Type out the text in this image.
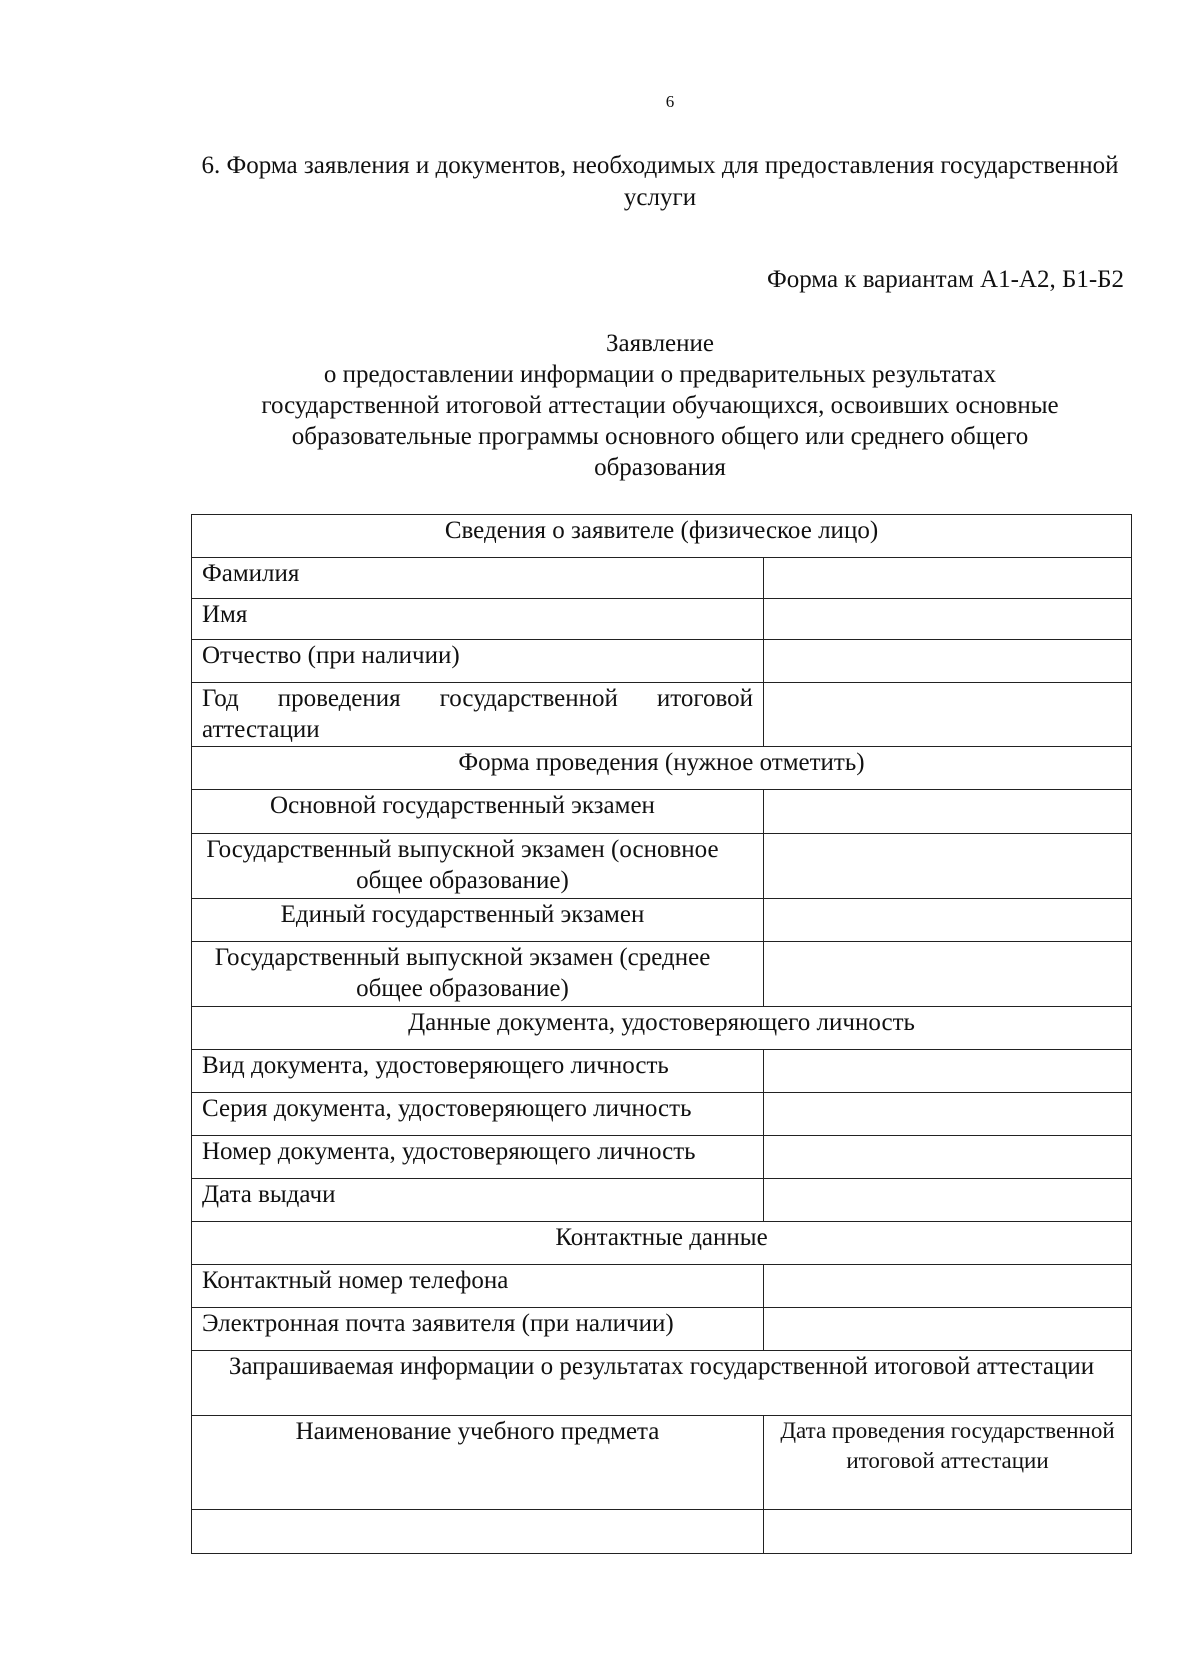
6
6. Форма заявления и документов, необходимых для предоставления государственной услуги
Форма к вариантам А1-А2, Б1-Б2
Заявление
о предоставлении информации о предварительных результатах
государственной итоговой аттестации обучающихся, освоивших основные
образовательные программы основного общего или среднего общего
образования
Сведения о заявителе (физическое лицо)	
Фамилия	
Имя	
Отчество (при наличии)	
Год проведения государственной итоговой аттестации	
Форма проведения (нужное отметить)	
Основной государственный экзамен	
Государственный выпускной экзамен (основное общее образование)	
Единый государственный экзамен	
Государственный выпускной экзамен (среднее общее образование)	
Данные документа, удостоверяющего личность	
Вид документа, удостоверяющего личность	
Серия документа, удостоверяющего личность	
Номер документа, удостоверяющего личность	
Дата выдачи	
Контактные данные	
Контактный номер телефона	
Электронная почта заявителя (при наличии)	
Запрашиваемая информации о результатах государственной итоговой аттестации	
Наименование учебного предмета	Дата проведения государственной итоговой аттестации
